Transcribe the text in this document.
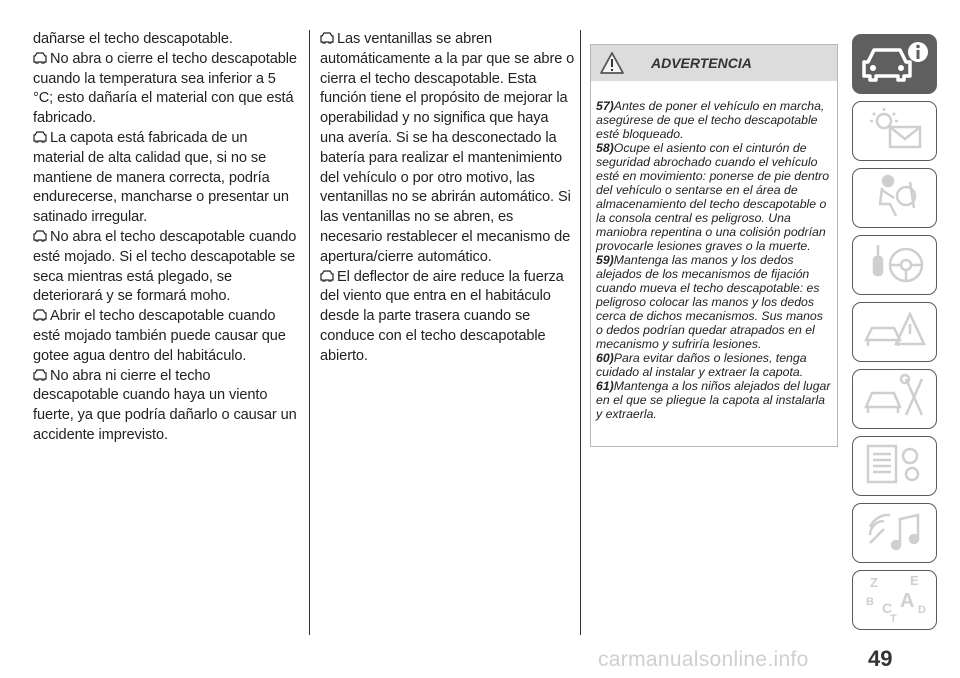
dañarse el techo descapotable.

No abra o cierre el techo descapotable cuando la temperatura sea inferior a 5 °C; esto dañaría el material con que está fabricado.

La capota está fabricada de un material de alta calidad que, si no se mantiene de manera correcta, podría endurecerse, mancharse o presentar un satinado irregular.

No abra el techo descapotable cuando esté mojado. Si el techo descapotable se seca mientras está plegado, se deteriorará y se formará moho.

Abrir el techo descapotable cuando esté mojado también puede causar que gotee agua dentro del habitáculo.

No abra ni cierre el techo descapotable cuando haya un viento fuerte, ya que podría dañarlo o causar un accidente imprevisto.

Las ventanillas se abren automáticamente a la par que se abre o cierra el techo descapotable. Esta función tiene el propósito de mejorar la operabilidad y no significa que haya una avería. Si se ha desconectado la batería para realizar el mantenimiento del vehículo o por otro motivo, las ventanillas no se abrirán automático. Si las ventanillas no se abren, es necesario restablecer el mecanismo de apertura/cierre automático.

El deflector de aire reduce la fuerza del viento que entra en el habitáculo desde la parte trasera cuando se conduce con el techo descapotable abierto.

ADVERTENCIA

57)Antes de poner el vehículo en marcha, asegúrese de que el techo descapotable esté bloqueado.

58)Ocupe el asiento con el cinturón de seguridad abrochado cuando el vehículo esté en movimiento: ponerse de pie dentro del vehículo o sentarse en el área de almacenamiento del techo descapotable o la consola central es peligroso. Una maniobra repentina o una colisión podrían provocarle lesiones graves o la muerte.

59)Mantenga las manos y los dedos alejados de los mecanismos de fijación cuando mueva el techo descapotable: es peligroso colocar las manos y los dedos cerca de dichos mecanismos. Sus manos o dedos podrían quedar atrapados en el mecanismo y sufriría lesiones.

60)Para evitar daños o lesiones, tenga cuidado al instalar y extraer la capota.

61)Mantenga a los niños alejados del lugar en el que se pliegue la capota al instalarla y extraerla.

Z E
B A
C D
T
49
carmanualsonline.info
